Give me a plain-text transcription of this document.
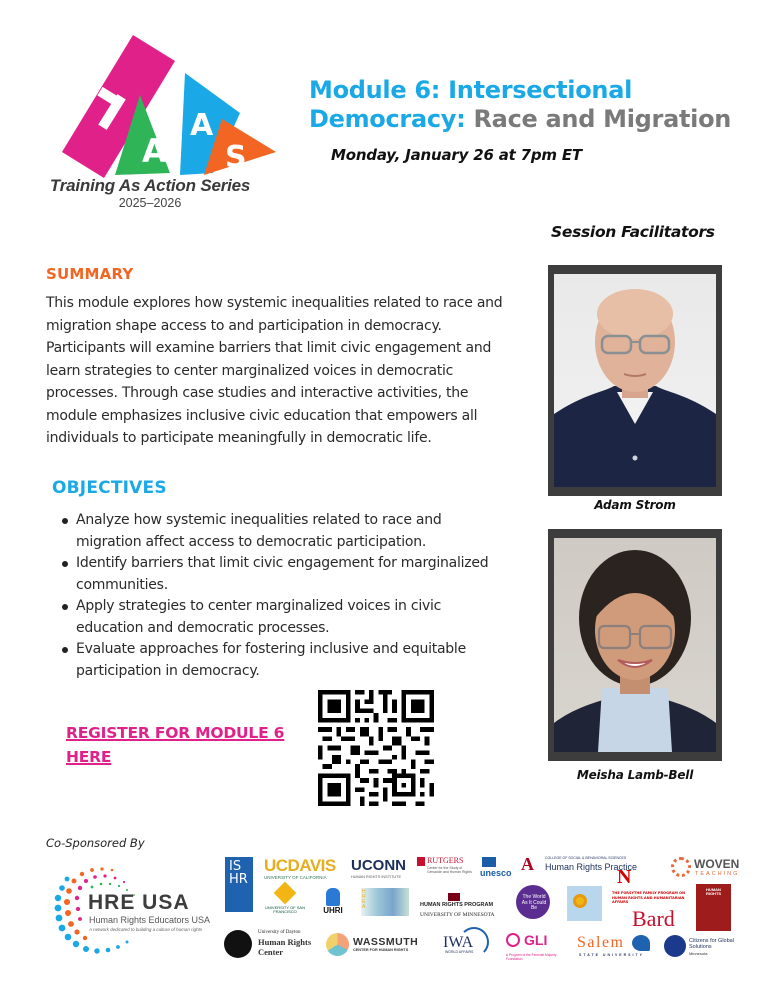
A
A
S
Training As Action Series
2025–2026
Module 6: Intersectional
Democracy: Race and Migration
Monday, January 26 at 7pm ET
Session Facilitators
Adam Strom
Meisha Lamb-Bell
SUMMARY
This module explores how systemic inequalities related to race and migration shape access to and participation in democracy. Participants will examine barriers that limit civic engagement and learn strategies to center marginalized voices in democratic processes. Through case studies and interactive activities, the module emphasizes inclusive civic education that empowers all individuals to participate meaningfully in democratic life.
OBJECTIVES
Analyze how systemic inequalities related to race and migration affect access to democratic participation.
Identify barriers that limit civic engagement for marginalized communities.
Apply strategies to center marginalized voices in civic education and democratic processes.
Evaluate approaches for fostering inclusive and equitable participation in democracy.
REGISTER FOR MODULE 6 HERE
Co-Sponsored By
HRE USA
Human Rights Educators USA
A network dedicated to building a culture of human rights
IS HR
UCDAVIS
UNIVERSITY OF CALIFORNIA
UCONN
HUMAN RIGHTS INSTITUTE
RUTGERS
Center for the Study of Genocide and Human Rights unesco A	COLLEGE OF SOCIAL & BEHAVIORAL SCIENCES
Human Rights Practice
N
THE FORSYTHE FAMILY PROGRAM ON HUMAN RIGHTS AND HUMANITARIAN AFFAIRS
WOVEN
TEACHING
UNIVERSITY OF SAN FRANCISCO	UHRI
HREA	HUMAN RIGHTS PROGRAM
UNIVERSITY OF MINNESOTA
The World As It Could Be	Bard
HUMAN RIGHTS
University of Dayton
Human Rights Center
WASSMUTH
CENTER FOR HUMAN RIGHTS IWA
WORLD AFFAIRS
GLI
A Program of the Feminist Majority Foundation
Salem
STATE UNIVERSITY
Citizens for Global Solutions
Minnesota
